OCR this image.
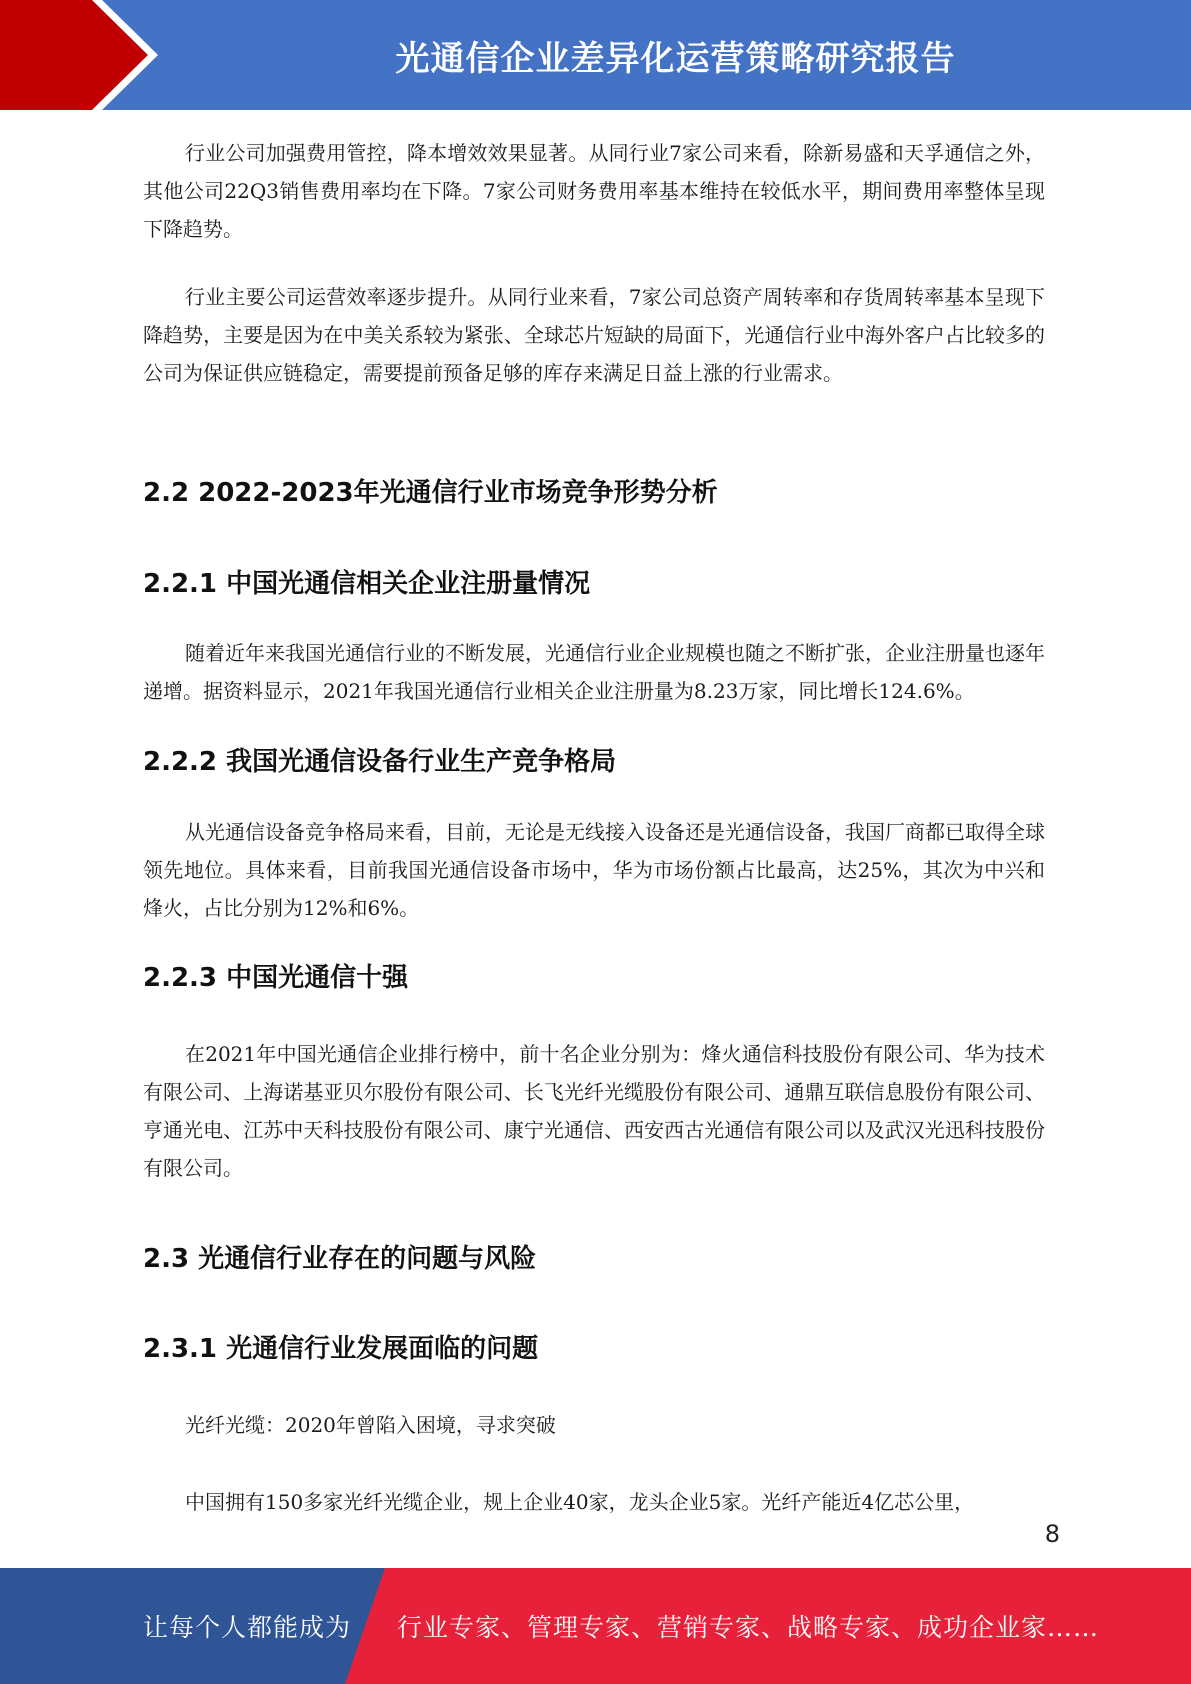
光通信企业差异化运营策略研究报告

行业公司加强费用管控，降本增效效果显著。从同行业7家公司来看，除新易盛和天孚通信之外，其他公司22Q3销售费用率均在下降。7家公司财务费用率基本维持在较低水平，期间费用率整体呈现下降趋势。

行业主要公司运营效率逐步提升。从同行业来看，7家公司总资产周转率和存货周转率基本呈现下降趋势，主要是因为在中美关系较为紧张、全球芯片短缺的局面下，光通信行业中海外客户占比较多的公司为保证供应链稳定，需要提前预备足够的库存来满足日益上涨的行业需求。

2.2 2022-2023年光通信行业市场竞争形势分析
2.2.1 中国光通信相关企业注册量情况

随着近年来我国光通信行业的不断发展，光通信行业企业规模也随之不断扩张，企业注册量也逐年递增。据资料显示，2021年我国光通信行业相关企业注册量为8.23万家，同比增长124.6%。

2.2.2 我国光通信设备行业生产竞争格局

从光通信设备竞争格局来看，目前，无论是无线接入设备还是光通信设备，我国厂商都已取得全球领先地位。具体来看，目前我国光通信设备市场中，华为市场份额占比最高，达25%，其次为中兴和烽火，占比分别为12%和6%。

2.2.3 中国光通信十强

在2021年中国光通信企业排行榜中，前十名企业分别为：烽火通信科技股份有限公司、华为技术有限公司、上海诺基亚贝尔股份有限公司、长飞光纤光缆股份有限公司、通鼎互联信息股份有限公司、亨通光电、江苏中天科技股份有限公司、康宁光通信、西安西古光通信有限公司以及武汉光迅科技股份有限公司。

2.3 光通信行业存在的问题与风险
2.3.1 光通信行业发展面临的问题

光纤光缆：2020年曾陷入困境，寻求突破

中国拥有150多家光纤光缆企业，规上企业40家，龙头企业5家。光纤产能近4亿芯公里，

8
让每个人都能成为 行业专家、管理专家、营销专家、战略专家、成功企业家……
